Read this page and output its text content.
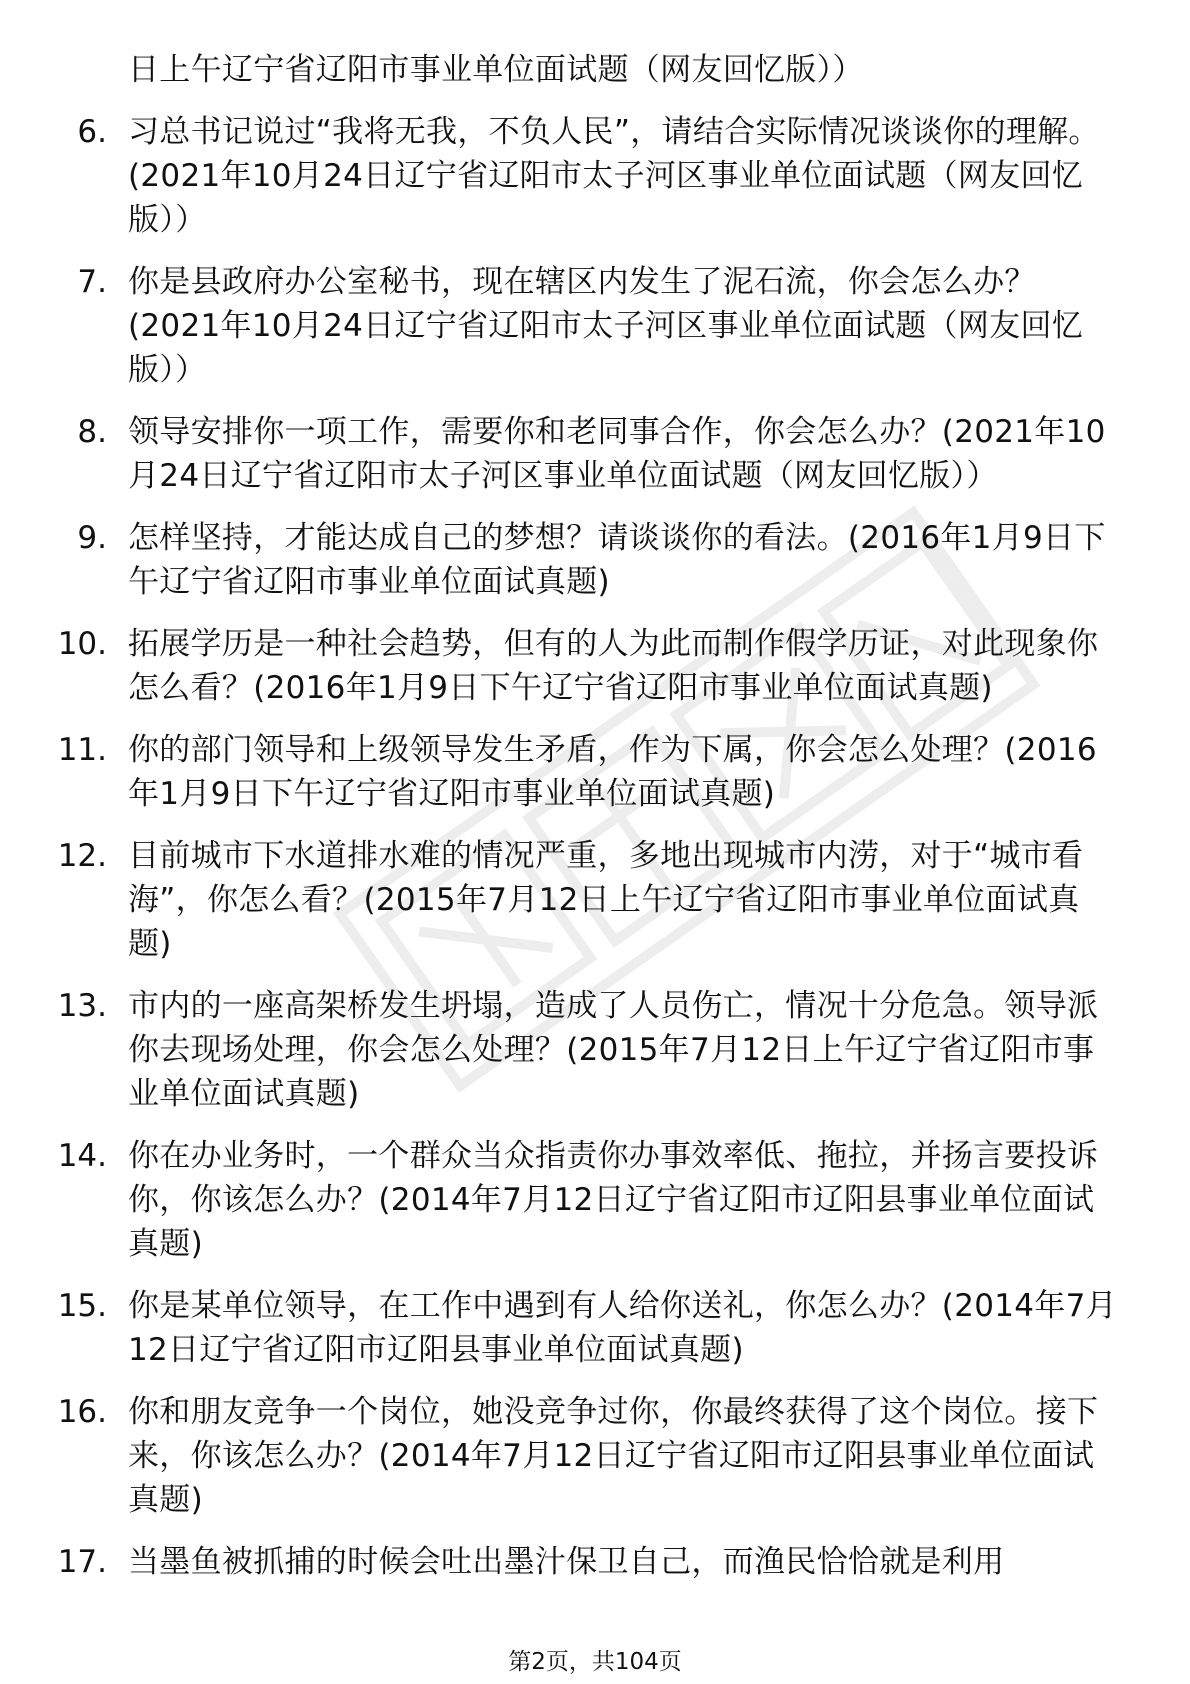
日上午辽宁省辽阳市事业单位面试题（网友回忆版））
6. 习总书记说过“我将无我，不负人民”，请结合实际情况谈谈你的理解。(2021年10月24日辽宁省辽阳市太子河区事业单位面试题（网友回忆版））
7. 你是县政府办公室秘书，现在辖区内发生了泥石流，你会怎么办？(2021年10月24日辽宁省辽阳市太子河区事业单位面试题（网友回忆版））
8. 领导安排你一项工作，需要你和老同事合作，你会怎么办？(2021年10月24日辽宁省辽阳市太子河区事业单位面试题（网友回忆版））
9. 怎样坚持，才能达成自己的梦想？请谈谈你的看法。(2016年1月9日下午辽宁省辽阳市事业单位面试真题)
10. 拓展学历是一种社会趋势，但有的人为此而制作假学历证，对此现象你怎么看？(2016年1月9日下午辽宁省辽阳市事业单位面试真题)
11. 你的部门领导和上级领导发生矛盾，作为下属，你会怎么处理？(2016年1月9日下午辽宁省辽阳市事业单位面试真题)
12. 目前城市下水道排水难的情况严重，多地出现城市内涝，对于“城市看海”，你怎么看？(2015年7月12日上午辽宁省辽阳市事业单位面试真题)
13. 市内的一座高架桥发生坍塌，造成了人员伤亡，情况十分危急。领导派你去现场处理，你会怎么处理？(2015年7月12日上午辽宁省辽阳市事业单位面试真题)
14. 你在办业务时，一个群众当众指责你办事效率低、拖拉，并扬言要投诉你，你该怎么办？(2014年7月12日辽宁省辽阳市辽阳县事业单位面试真题)
15. 你是某单位领导，在工作中遇到有人给你送礼，你怎么办？(2014年7月12日辽宁省辽阳市辽阳县事业单位面试真题)
16. 你和朋友竞争一个岗位，她没竞争过你，你最终获得了这个岗位。接下来，你该怎么办？(2014年7月12日辽宁省辽阳市辽阳县事业单位面试真题)
17. 当墨鱼被抓捕的时候会吐出墨汁保卫自己，而渔民恰恰就是利用
第2页，共104页
